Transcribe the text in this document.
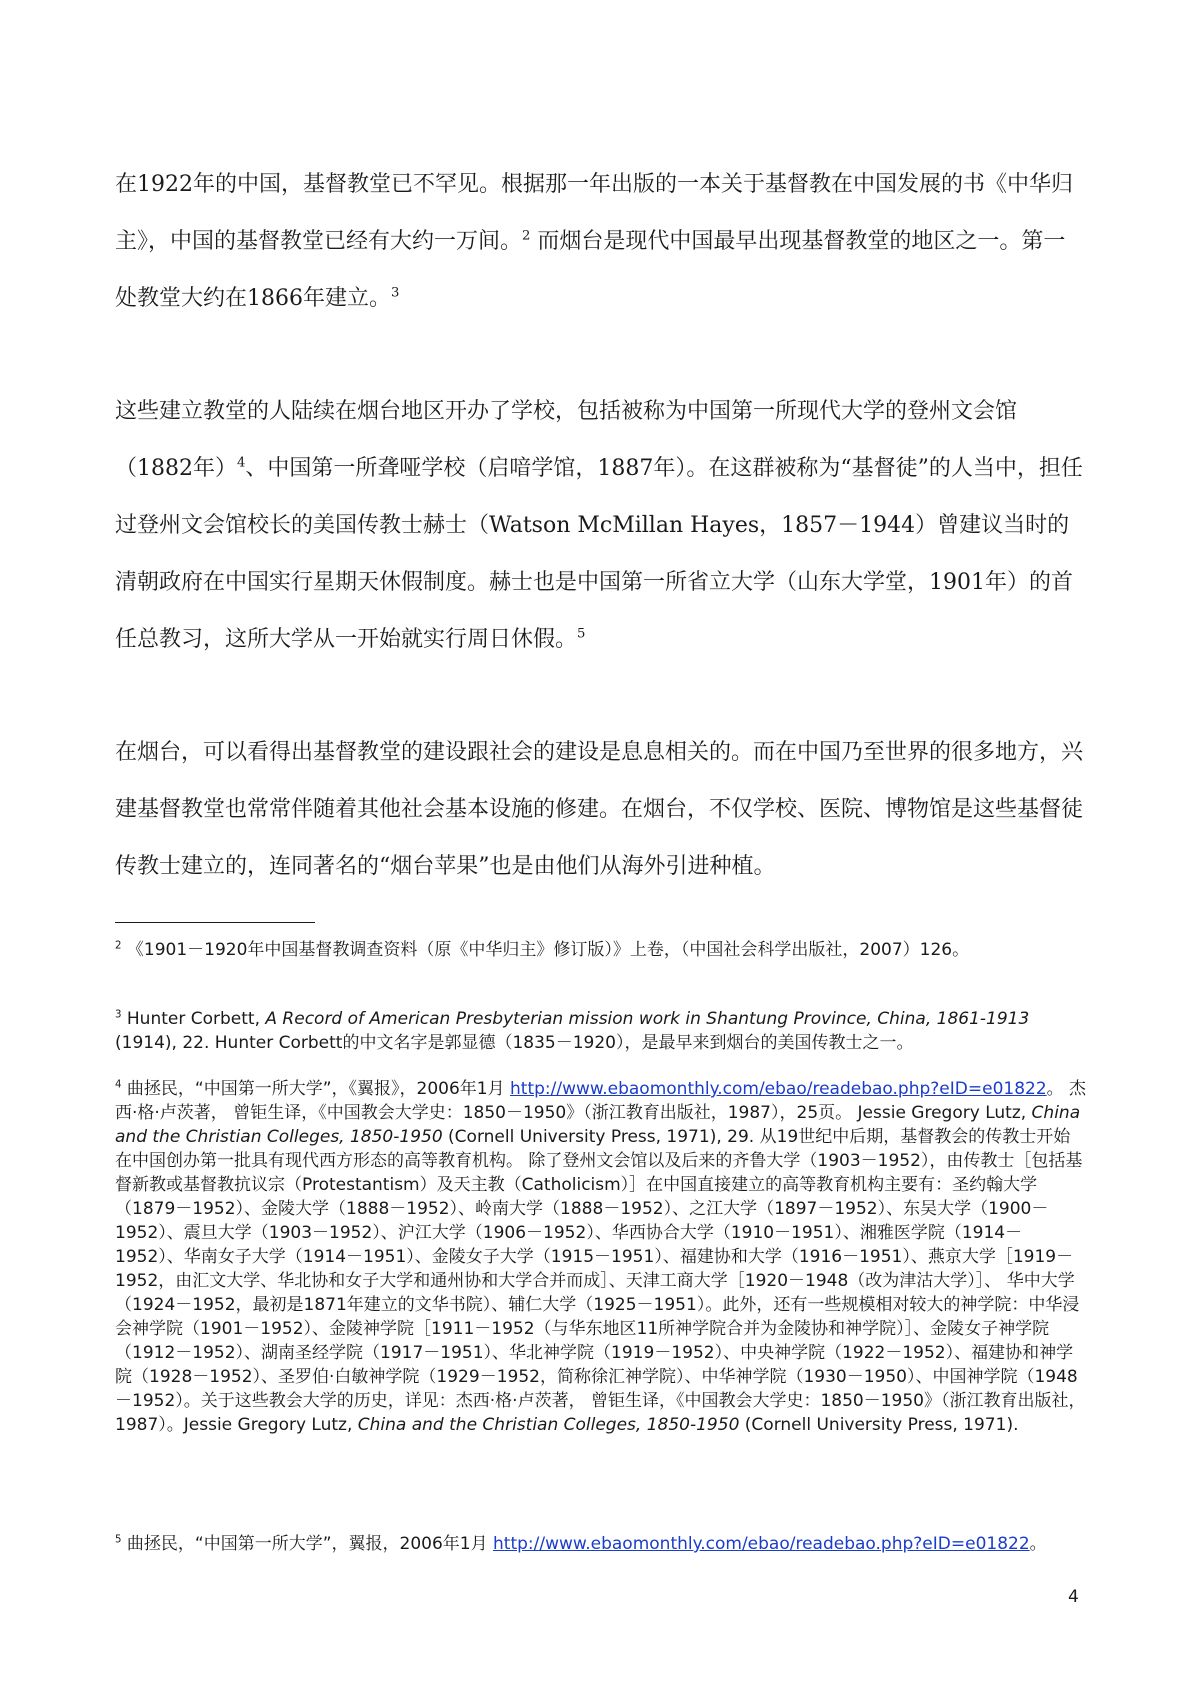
在1922年的中国，基督教堂已不罕见。根据那一年出版的一本关于基督教在中国发展的书《中华归主》，中国的基督教堂已经有大约一万间。$^2$ 而烟台是现代中国最早出现基督教堂的地区之一。第一处教堂大约在1866年建立。$^3$

这些建立教堂的人陆续在烟台地区开办了学校，包括被称为中国第一所现代大学的登州文会馆（1882年）$^4$、中国第一所聋哑学校（启喑学馆，1887年）。在这群被称为“基督徒”的人当中，担任过登州文会馆校长的美国传教士赫士（Watson McMillan Hayes，1857－1944）曾建议当时的清朝政府在中国实行星期天休假制度。赫士也是中国第一所省立大学（山东大学堂，1901年）的首任总教习，这所大学从一开始就实行周日休假。$^5$

在烟台，可以看得出基督教堂的建设跟社会的建设是息息相关的。而在中国乃至世界的很多地方，兴建基督教堂也常常伴随着其他社会基本设施的修建。在烟台，不仅学校、医院、博物馆是这些基督徒传教士建立的，连同著名的“烟台苹果”也是由他们从海外引进种植。

$^2$ 《1901－1920年中国基督教调查资料（原《中华归主》修订版）》上卷，（中国社会科学出版社，2007）126。

$^3$ Hunter Corbett, A Record of American Presbyterian mission work in Shantung Province, China, 1861-1913 (1914), 22. Hunter Corbett的中文名字是郭显德（1835－1920），是最早来到烟台的美国传教士之一。

$^4$ 曲拯民，“中国第一所大学”，《翼报》，2006年1月 http://www.ebaomonthly.com/ebao/readebao.php?eID=e01822。 杰西·格·卢茨著， 曾钜生译，《中国教会大学史：1850－1950》（浙江教育出版社，1987），25页。 Jessie Gregory Lutz, China and the Christian Colleges, 1850-1950 (Cornell University Press, 1971), 29. 从19世纪中后期，基督教会的传教士开始在中国创办第一批具有现代西方形态的高等教育机构。 除了登州文会馆以及后来的齐鲁大学（1903－1952），由传教士［包括基督新教或基督教抗议宗（Protestantism）及天主教（Catholicism）］在中国直接建立的高等教育机构主要有：圣约翰大学（1879－1952）、金陵大学（1888－1952）、岭南大学（1888－1952）、之江大学（1897－1952）、东吴大学（1900－1952）、震旦大学（1903－1952）、沪江大学（1906－1952）、华西协合大学（1910－1951）、湘雅医学院（1914－1952）、华南女子大学（1914－1951）、金陵女子大学（1915－1951）、福建协和大学（1916－1951）、燕京大学［1919－1952，由汇文大学、华北协和女子大学和通州协和大学合并而成］、天津工商大学［1920－1948（改为津沽大学）］、 华中大学（1924－1952，最初是1871年建立的文华书院）、辅仁大学（1925－1951）。此外，还有一些规模相对较大的神学院：中华浸会神学院（1901－1952）、金陵神学院［1911－1952（与华东地区11所神学院合并为金陵协和神学院）］、金陵女子神学院（1912－1952）、湖南圣经学院（1917－1951）、华北神学院（1919－1952）、中央神学院（1922－1952）、福建协和神学院（1928－1952）、圣罗伯·白敏神学院（1929－1952，简称徐汇神学院）、中华神学院（1930－1950）、中国神学院（1948－1952）。关于这些教会大学的历史，详见：杰西·格·卢茨著， 曾钜生译，《中国教会大学史：1850－1950》（浙江教育出版社，1987）。Jessie Gregory Lutz, China and the Christian Colleges, 1850-1950 (Cornell University Press, 1971).

$^5$ 曲拯民，“中国第一所大学”，翼报，2006年1月 http://www.ebaomonthly.com/ebao/readebao.php?eID=e01822。

4
